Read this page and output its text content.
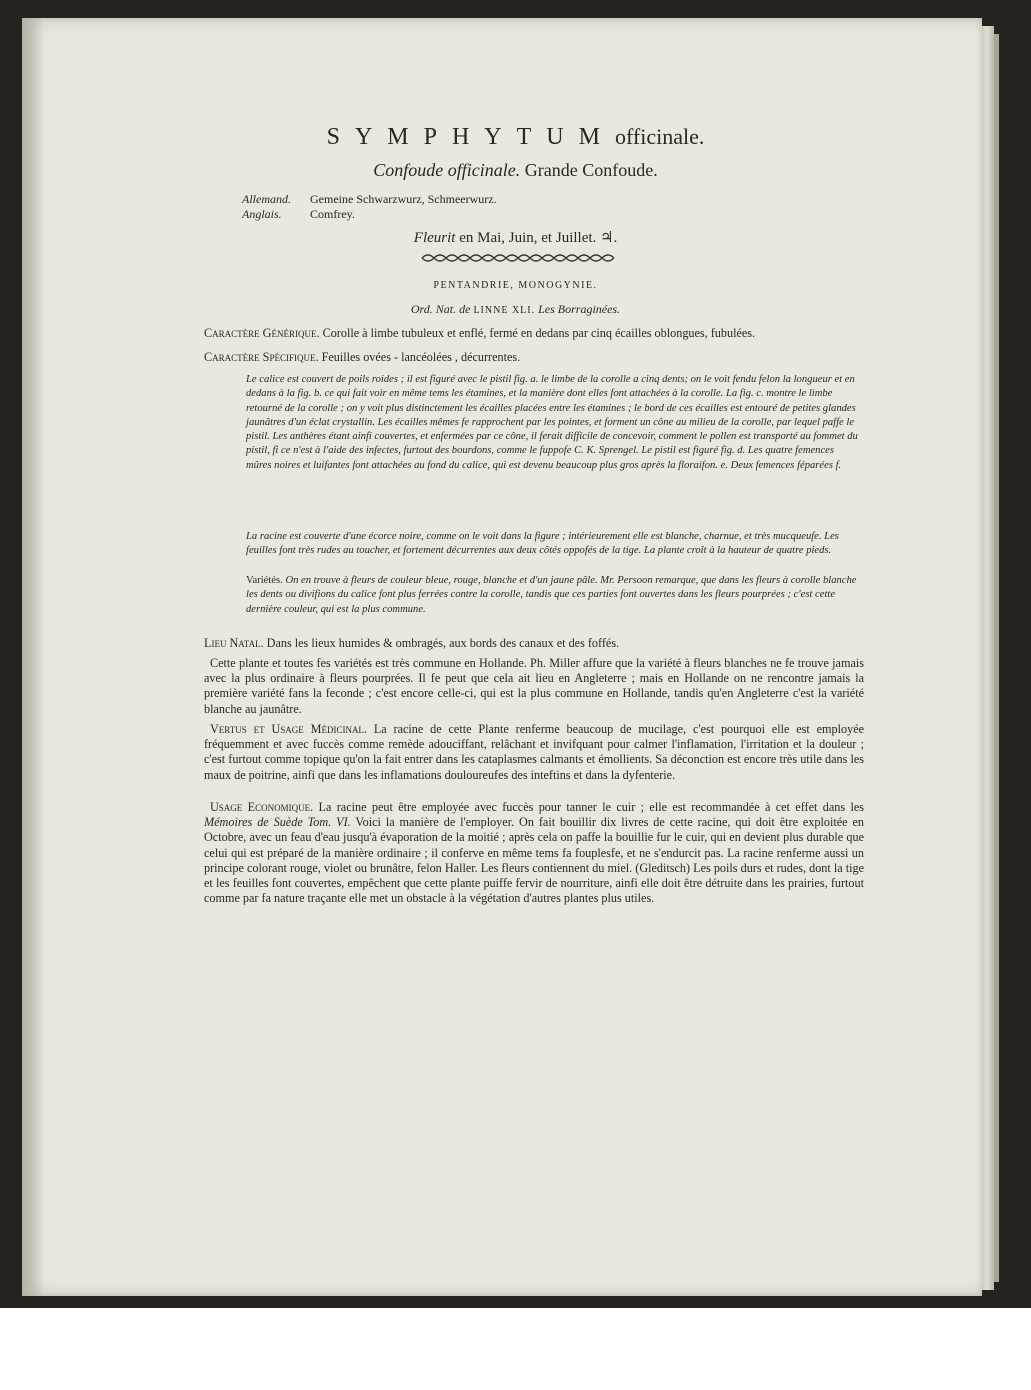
SYMPHYTUMofficinale.
Confoude officinale. Grande Confoude.
Allemand. Gemeine Schwarzwurz, Schmeerwurz.
Anglais. Comfrey.
Fleurit en Mai, Juin, et Juillet. ♃.
PENTANDRIE, MONOGYNIE.
Ord. Nat. de LINNE XLI. Les Borraginées.

Caractère Générique. Corolle à limbe tubuleux et enflé, fermé en dedans par cinq écailles oblongues, fubulées.

Caractère Spécifique. Feuilles ovées - lancéolées , décurrentes.

Le calice est couvert de poils roides ; il est figuré avec le pistil fig. a. le limbe de la corolle a cinq dents; on le voit fendu felon la longueur et en dedans à la fig. b. ce qui fait voir en même tems les étamines, et la manière dont elles font attachées à la corolle. La fig. c. montre le limbe retourné de la corolle ; on y voit plus distinctement les écailles placées entre les étamines ; le bord de ces écailles est entouré de petites glandes jaunâtres d'un éclat crystallin. Les écailles mêmes fe rapprochent par les pointes, et forment un cône au milieu de la corolle, par lequel paffe le pistil. Les anthères étant ainfi couvertes, et enfermées par ce cône, il ferait difficile de concevoir, comment le pollen est transporté au fommet du pistil, fi ce n'est à l'aide des infectes, furtout des bourdons, comme le fuppofe C. K. Sprengel. Le pistil est figuré fig. d. Les quatre femences mûres noires et luifantes font attachées au fond du calice, qui est devenu beaucoup plus gros après la floraifon. e. Deux femences féparées f.

La racine est couverte d'une écorce noire, comme on le voit dans la figure ; intérieurement elle est blanche, charnue, et très mucqueufe. Les feuilles font très rudes au toucher, et fortement décurrentes aux deux côtés oppofés de la tige. La plante croît à la hauteur de quatre pieds.

Variétés. On en trouve à fleurs de couleur bleue, rouge, blanche et d'un jaune pâle. Mr. Persoon remarque, que dans les fleurs à corolle blanche les dents ou divifions du calice font plus ferrées contre la corolle, tandis que ces parties font ouvertes dans les fleurs pourprées ; c'est cette dernière couleur, qui est la plus commune.

Lieu Natal. Dans les lieux humides & ombragés, aux bords des canaux et des foffés.

Cette plante et toutes fes variétés est très commune en Hollande. Ph. Miller affure que la variété à fleurs blanches ne fe trouve jamais avec la plus ordinaire à fleurs pourprées. Il fe peut que cela ait lieu en Angleterre ; mais en Hollande on ne rencontre jamais la première variété fans la feconde ; c'est encore celle-ci, qui est la plus commune en Hollande, tandis qu'en Angleterre c'est la variété blanche au jaunâtre.

Vertus et Usage Médicinal. La racine de cette Plante renferme beaucoup de mucilage, c'est pourquoi elle est employée fréquemment et avec fuccès comme remède adouciffant, relâchant et invifquant pour calmer l'inflamation, l'irritation et la douleur ; c'est furtout comme topique qu'on la fait entrer dans les cataplasmes calmants et émollients. Sa déconction est encore très utile dans les maux de poitrine, ainfi que dans les inflamations douloureufes des inteftins et dans la dyfenterie.

Usage Economique. La racine peut être employée avec fuccès pour tanner le cuir ; elle est recommandée à cet effet dans les Mémoires de Suède Tom. VI. Voici la manière de l'employer. On fait bouillir dix livres de cette racine, qui doit être exploitée en Octobre, avec un feau d'eau jusqu'à évaporation de la moitié ; après cela on paffe la bouillie fur le cuir, qui en devient plus durable que celui qui est préparé de la manière ordinaire ; il conferve en même tems fa fouplesfe, et ne s'endurcit pas. La racine renferme aussi un principe colorant rouge, violet ou brunâtre, felon Haller. Les fleurs contiennent du miel. (Gleditsch) Les poils durs et rudes, dont la tige et les feuilles font couvertes, empêchent que cette plante puiffe fervir de nourriture, ainfi elle doit être détruite dans les prairies, furtout comme par fa nature traçante elle met un obstacle à la végétation d'autres plantes plus utiles.
